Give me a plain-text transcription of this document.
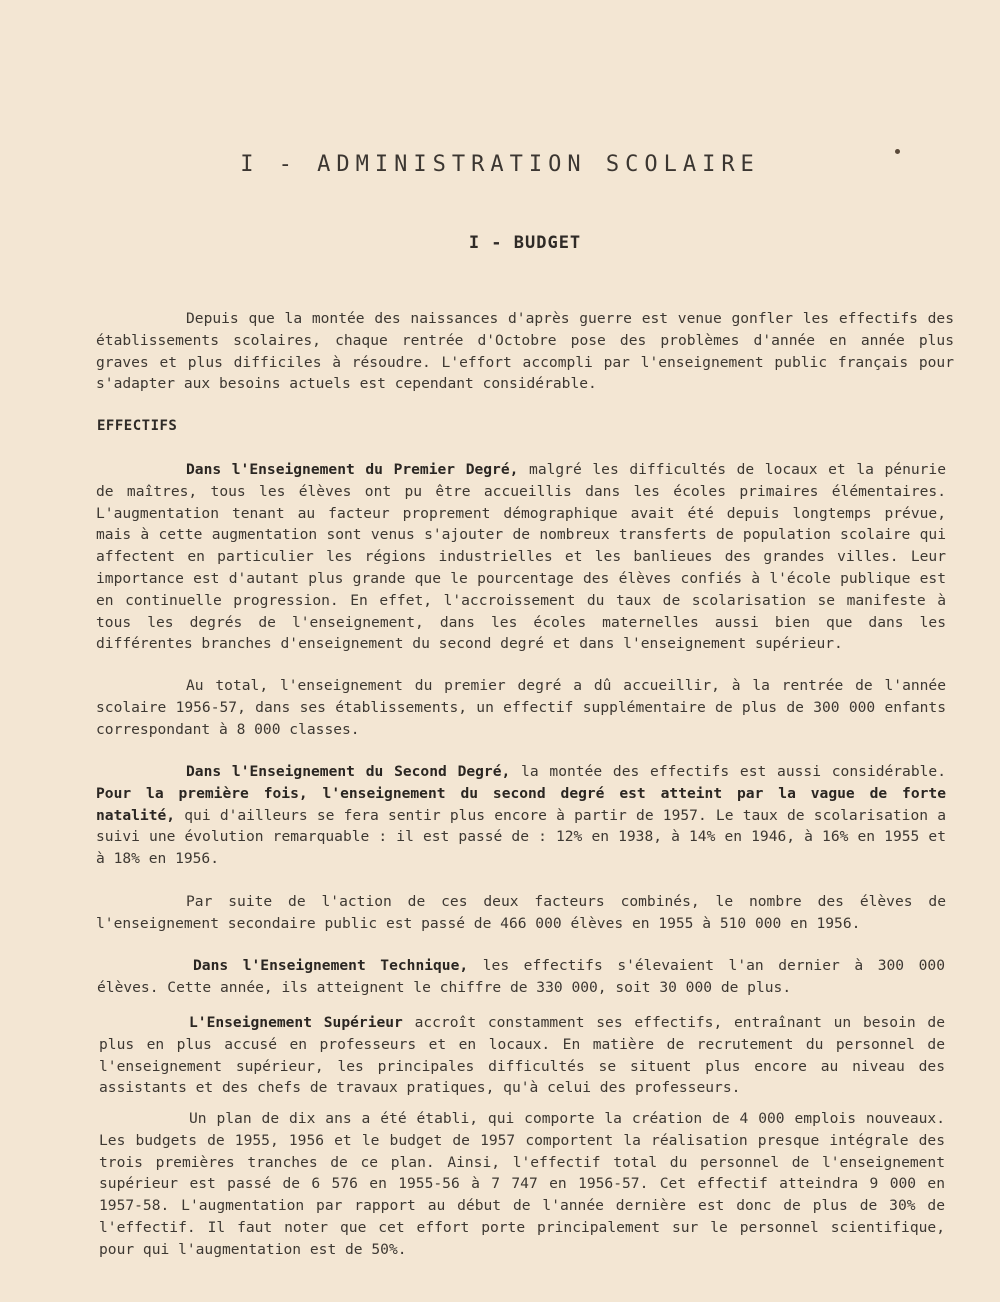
I - ADMINISTRATION SCOLAIRE
I - BUDGET

Depuis que la montée des naissances d'après guerre est venue gonfler les effectifs des établissements scolaires, chaque rentrée d'Octobre pose des problèmes d'année en année plus graves et plus difficiles à résoudre. L'effort accompli par l'enseignement public français pour s'adapter aux besoins actuels est cependant considérable.

EFFECTIFS

Dans l'Enseignement du Premier Degré, malgré les difficultés de locaux et la pénurie de maîtres, tous les élèves ont pu être accueillis dans les écoles primaires élémentaires. L'augmentation tenant au facteur proprement démographique avait été depuis longtemps prévue, mais à cette augmentation sont venus s'ajouter de nombreux transferts de population scolaire qui affectent en particulier les régions industrielles et les banlieues des grandes villes. Leur importance est d'autant plus grande que le pourcentage des élèves confiés à l'école publique est en continuelle progression. En effet, l'accroissement du taux de scolarisation se manifeste à tous les degrés de l'enseignement, dans les écoles maternelles aussi bien que dans les différentes branches d'enseignement du second degré et dans l'enseignement supérieur.

Au total, l'enseignement du premier degré a dû accueillir, à la rentrée de l'année scolaire 1956-57, dans ses établissements, un effectif supplémentaire de plus de 300 000 enfants correspondant à 8 000 classes.

Dans l'Enseignement du Second Degré, la montée des effectifs est aussi considérable. Pour la première fois, l'enseignement du second degré est atteint par la vague de forte natalité, qui d'ailleurs se fera sentir plus encore à partir de 1957. Le taux de scolarisation a suivi une évolution remarquable : il est passé de : 12% en 1938, à 14% en 1946, à 16% en 1955 et à 18% en 1956.

Par suite de l'action de ces deux facteurs combinés, le nombre des élèves de l'enseignement secondaire public est passé de 466 000 élèves en 1955 à 510 000 en 1956.

Dans l'Enseignement Technique, les effectifs s'élevaient l'an dernier à 300 000 élèves. Cette année, ils atteignent le chiffre de 330 000, soit 30 000 de plus.

L'Enseignement Supérieur accroît constamment ses effectifs, entraînant un besoin de plus en plus accusé en professeurs et en locaux. En matière de recrutement du personnel de l'enseignement supérieur, les principales difficultés se situent plus encore au niveau des assistants et des chefs de travaux pratiques, qu'à celui des professeurs.

Un plan de dix ans a été établi, qui comporte la création de 4 000 emplois nouveaux. Les budgets de 1955, 1956 et le budget de 1957 comportent la réalisation presque intégrale des trois premières tranches de ce plan. Ainsi, l'effectif total du personnel de l'enseignement supérieur est passé de 6 576 en 1955-56 à 7 747 en 1956-57. Cet effectif atteindra 9 000 en 1957-58. L'augmentation par rapport au début de l'année dernière est donc de plus de 30% de l'effectif. Il faut noter que cet effort porte principalement sur le personnel scientifique, pour qui l'augmentation est de 50%.
